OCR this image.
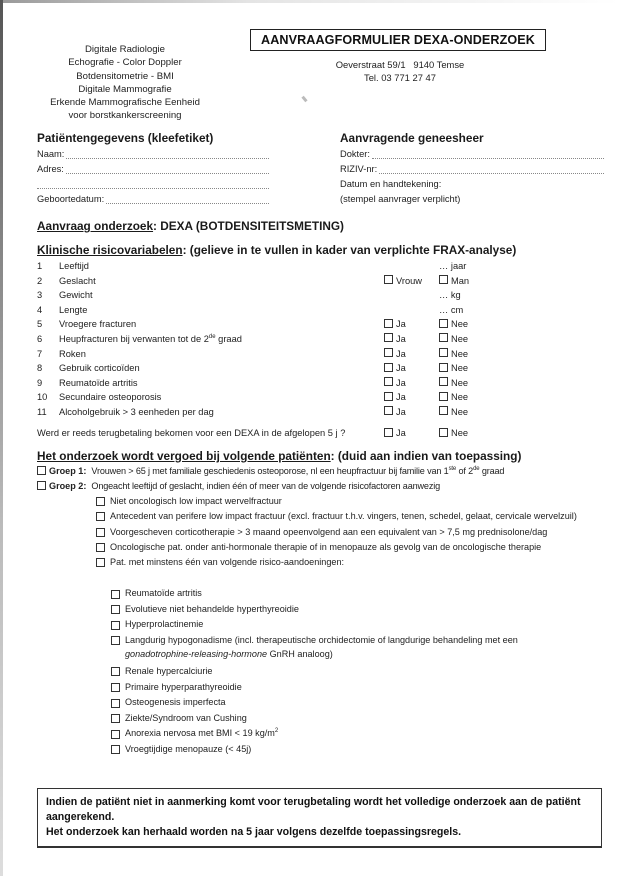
Digitale Radiologie
Echografie - Color Doppler
Botdensitometrie - BMI
Digitale Mammografie
Erkende Mammografische Eenheid
voor borstkankerscreening
AANVRAAGFORMULIER DEXA-ONDERZOEK
Oeverstraat 59/1   9140 Temse
Tel. 03 771 27 47
Patiëntengegevens (kleefetiket)
Naam:
Adres:
Geboortedatum:
Aanvragende geneesheer
Dokter:
RIZIV-nr:
Datum en handtekening:
(stempel aanvrager verplicht)
Aanvraag onderzoek: DEXA (BOTDENSITEITSMETING)
Klinische risicovariabelen: (gelieve in te vullen in kader van verplichte FRAX-analyse)
1 Leeftijd	… jaar
2 Geslacht	Vrouw	Man
3 Gewicht	… kg
4 Lengte	… cm
5 Vroegere fracturen	Ja	Nee
6 Heupfracturen bij verwanten tot de 2de graad	Ja	Nee
7 Roken	Ja	Nee
8 Gebruik corticoïden	Ja	Nee
9 Reumatoïde artritis	Ja	Nee
10 Secundaire osteoporosis	Ja	Nee
11 Alcoholgebruik > 3 eenheden per dag	Ja	Nee
Werd er reeds terugbetaling bekomen voor een DEXA in de afgelopen 5 j ?	Ja	Nee
Het onderzoek wordt vergoed bij volgende patiënten: (duid aan indien van toepassing)
Groep 1: Vrouwen > 65 j met familiale geschiedenis osteoporose, nl een heupfractuur bij familie van 1ste of 2de graad
Groep 2: Ongeacht leeftijd of geslacht, indien één of meer van de volgende risicofactoren aanwezig
Niet oncologisch low impact wervelfractuur
Antecedent van perifere low impact fractuur (excl. fractuur t.h.v. vingers, tenen, schedel, gelaat, cervicale wervelzuil)
Voorgescheven corticotherapie > 3 maand opeenvolgend aan een equivalent van > 7,5 mg prednisolone/dag
Oncologische pat. onder anti-hormonale therapie of in menopauze als gevolg van de oncologische therapie
Pat. met minstens één van volgende risico-aandoeningen:
Reumatoïde artritis
Evolutieve niet behandelde hyperthyreoidie
Hyperprolactinemie
Langdurig hypogonadisme (incl. therapeutische orchidectomie of langdurige behandeling met een
gonadotrophine-releasing-hormone GnRH analoog)
Renale hypercalciurie
Primaire hyperparathyreoidie
Osteogenesis imperfecta
Ziekte/Syndroom van Cushing
Anorexia nervosa met BMI < 19 $kg/m^2$
Vroegtijdige menopauze (< 45j)
Indien de patiënt niet in aanmerking komt voor terugbetaling wordt het volledige onderzoek aan de patiënt aangerekend.
Het onderzoek kan herhaald worden na 5 jaar volgens dezelfde toepassingsregels.
